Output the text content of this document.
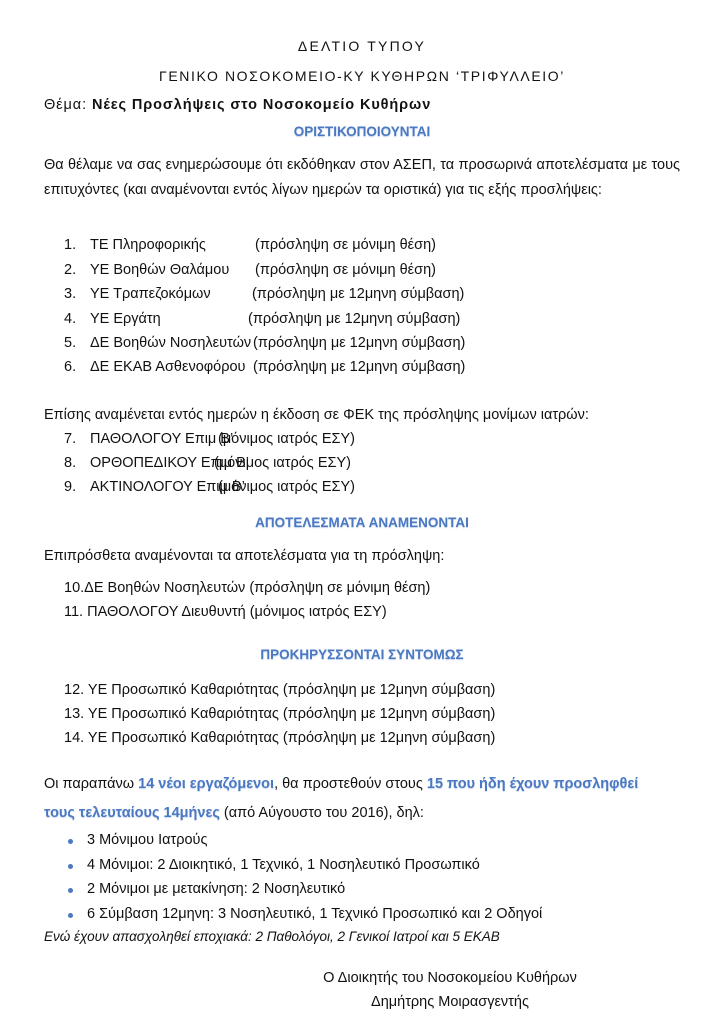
ΔΕΛΤΙΟ ΤΥΠΟΥ
ΓΕΝΙΚΟ ΝΟΣΟΚΟΜΕΙΟ-ΚΥ ΚΥΘΗΡΩΝ ‘ΤΡΙΦΥΛΛΕΙΟ’
Θέμα: Νέες Προσλήψεις στο Νοσοκομείο Κυθήρων
ΟΡΙΣΤΙΚΟΠΟΙΟΥΝΤΑΙ
Θα θέλαμε να σας ενημερώσουμε ότι εκδόθηκαν στον ΑΣΕΠ, τα προσωρινά αποτελέσματα με τους επιτυχόντες (και αναμένονται εντός λίγων ημερών τα οριστικά) για τις εξής προσλήψεις:
1. ΤΕ Πληροφορικής	(πρόσληψη σε μόνιμη θέση)
2. ΥΕ Βοηθών Θαλάμου (πρόσληψη σε μόνιμη θέση)
3. ΥΕ Τραπεζοκόμων	(πρόσληψη με 12μηνη σύμβαση)
4. ΥΕ Εργάτη	(πρόσληψη με 12μηνη σύμβαση)
5. ΔΕ Βοηθών Νοσηλευτών (πρόσληψη με 12μηνη σύμβαση)
6. ΔΕ ΕΚΑΒ Ασθενοφόρου (πρόσληψη με 12μηνη σύμβαση)
Επίσης αναμένεται εντός ημερών η έκδοση σε ΦΕΚ της πρόσληψης μονίμων ιατρών:
7. ΠΑΘΟΛΟΓΟΥ Επιμ Β’(μόνιμος ιατρός ΕΣΥ)
8. ΟΡΘΟΠΕΔΙΚΟΥ Επιμ Β’(μόνιμος ιατρός ΕΣΥ)
9. ΑΚΤΙΝΟΛΟΓΟΥ Επιμ Β’(μόνιμος ιατρός ΕΣΥ)
ΑΠΟΤΕΛΕΣΜΑΤΑ ΑΝΑΜΕΝΟΝΤΑΙ
Επιπρόσθετα αναμένονται τα αποτελέσματα για τη πρόσληψη:
10.ΔΕ Βοηθών Νοσηλευτών (πρόσληψη σε μόνιμη θέση)
11. ΠΑΘΟΛΟΓΟΥ Διευθυντή (μόνιμος ιατρός ΕΣΥ)
ΠΡΟΚΗΡΥΣΣΟΝΤΑΙ ΣΥΝΤΟΜΩΣ
12. ΥΕ Προσωπικό Καθαριότητας (πρόσληψη με 12μηνη σύμβαση)
13. ΥΕ Προσωπικό Καθαριότητας (πρόσληψη με 12μηνη σύμβαση)
14. ΥΕ Προσωπικό Καθαριότητας (πρόσληψη με 12μηνη σύμβαση)
Οι παραπάνω 14 νέοι εργαζόμενοι, θα προστεθούν στους 15 που ήδη έχουν προσληφθεί
τους τελευταίους 14μήνες (από Αύγουστο του 2016), δηλ:
3 Μόνιμου Ιατρούς
4 Μόνιμοι: 2 Διοικητικό, 1 Τεχνικό, 1 Νοσηλευτικό Προσωπικό
2 Μόνιμοι με μετακίνηση: 2 Νοσηλευτικό
6 Σύμβαση 12μηνη: 3 Νοσηλευτικό, 1 Τεχνικό Προσωπικό και 2 Οδηγοί
Ενώ έχουν απασχοληθεί εποχιακά: 2 Παθολόγοι, 2 Γενικοί Ιατροί και 5 ΕΚΑΒ
Ο Διοικητής του Νοσοκομείου Κυθήρων
Δημήτρης Μοιρασγεντής
